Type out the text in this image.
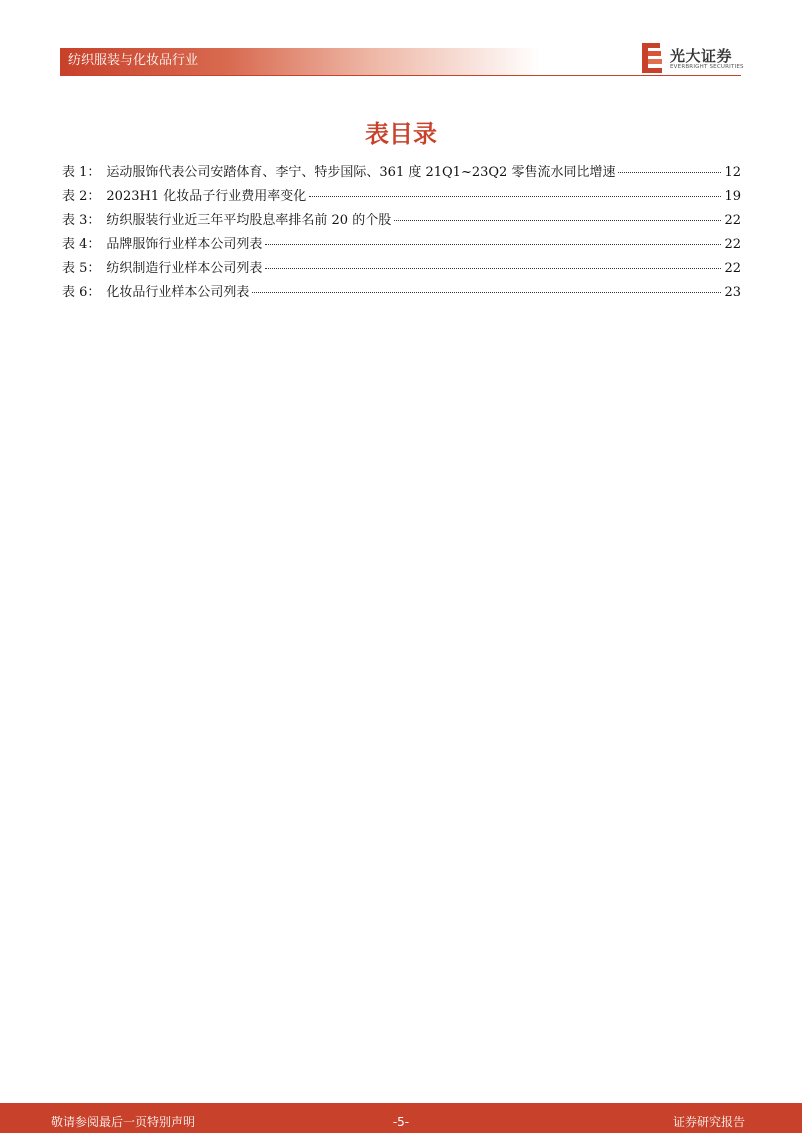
纺织服装与化妆品行业	光大证券
EVERBRIGHT SECURITIES
表目录
表 1： 运动服饰代表公司安踏体育、李宁、特步国际、361 度 21Q1~23Q2 零售流水同比增速	12
表 2： 2023H1 化妆品子行业费用率变化	19
表 3： 纺织服装行业近三年平均股息率排名前 20 的个股	22
表 4： 品牌服饰行业样本公司列表	22
表 5： 纺织制造行业样本公司列表	22
表 6： 化妆品行业样本公司列表	23
敬请参阅最后一页特别声明	-5-	证券研究报告
